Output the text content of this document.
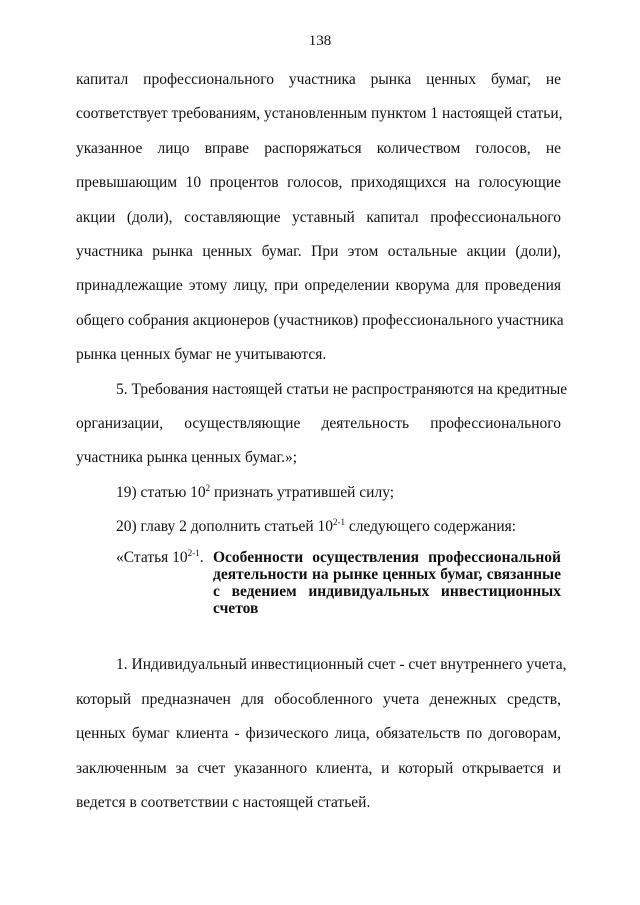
138
капитал профессионального участника рынка ценных бумаг, не
соответствует требованиям, установленным пунктом 1 настоящей статьи,
указанное лицо вправе распоряжаться количеством голосов, не
превышающим 10 процентов голосов, приходящихся на голосующие
акции (доли), составляющие уставный капитал профессионального
участника рынка ценных бумаг. При этом остальные акции (доли),
принадлежащие этому лицу, при определении кворума для проведения
общего собрания акционеров (участников) профессионального участника
рынка ценных бумаг не учитываются.
5. Требования настоящей статьи не распространяются на кредитные
организации, осуществляющие деятельность профессионального
участника рынка ценных бумаг.»;
19) статью $10^2$ признать утратившей силу;
20) главу 2 дополнить статьей 10$^{2-1}$ следующего содержания:
«Статья 10$^{2-1}$. Особенности осуществления профессиональной
деятельности на рынке ценных бумаг, связанные
с ведением индивидуальных инвестиционных
счетов
1. Индивидуальный инвестиционный счет - счет внутреннего учета,
который предназначен для обособленного учета денежных средств,
ценных бумаг клиента - физического лица, обязательств по договорам,
заключенным за счет указанного клиента, и который открывается и
ведется в соответствии с настоящей статьей.
